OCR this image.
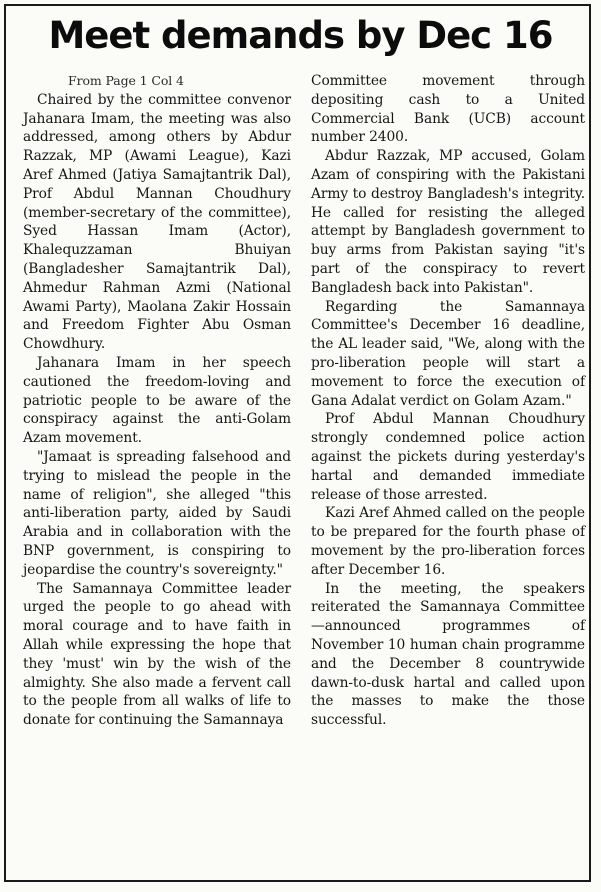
Meet demands by Dec 16

From Page 1 Col 4

Chaired by the committee convenor Jahanara Imam, the meeting was also addressed, among others by Abdur Razzak, MP (Awami League), Kazi Aref Ahmed (Jatiya Samajtantrik Dal), Prof Abdul Mannan Choudhury (member-secretary of the committee), Syed Hassan Imam (Actor), Khalequzzaman Bhuiyan (Bangladesher Samajtantrik Dal), Ahmedur Rahman Azmi (National Awami Party), Maolana Zakir Hossain and Freedom Fighter Abu Osman Chowdhury.

Jahanara Imam in her speech cautioned the freedom-loving and patriotic people to be aware of the conspiracy against the anti-Golam Azam movement.

"Jamaat is spreading falsehood and trying to mislead the people in the name of religion", she alleged "this anti-liberation party, aided by Saudi Arabia and in collaboration with the BNP government, is conspiring to jeopardise the country's sovereignty."

The Samannaya Committee leader urged the people to go ahead with moral courage and to have faith in Allah while expressing the hope that they 'must' win by the wish of the almighty. She also made a fervent call to the people from all walks of life to donate for continuing the Samannaya

Committee movement through depositing cash to a United Commercial Bank (UCB) account number 2400.

Abdur Razzak, MP accused, Golam Azam of conspiring with the Pakistani Army to destroy Bangladesh's integrity. He called for resisting the alleged attempt by Bangladesh government to buy arms from Pakistan saying "it's part of the conspiracy to revert Bangladesh back into Pakistan".

Regarding the Samannaya Committee's December 16 deadline, the AL leader said, "We, along with the pro-liberation people will start a movement to force the execution of Gana Adalat verdict on Golam Azam."

Prof Abdul Mannan Choudhury strongly condemned police action against the pickets during yesterday's hartal and demanded immediate release of those arrested.

Kazi Aref Ahmed called on the people to be prepared for the fourth phase of movement by the pro-liberation forces after December 16.

In the meeting, the speakers reiterated the Samannaya Committee—announced programmes of November 10 human chain programme and the December 8 countrywide dawn-to-dusk hartal and called upon the masses to make the those successful.
